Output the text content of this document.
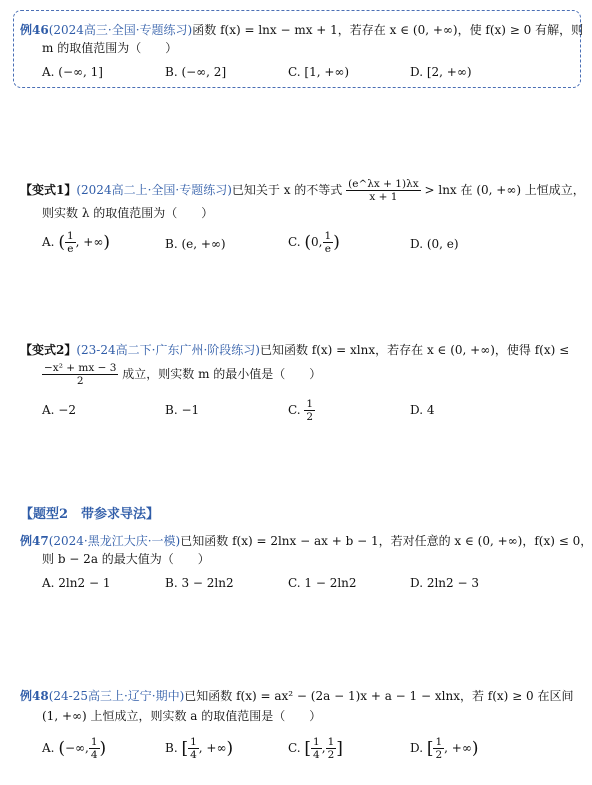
例46(2024高三·全国·专题练习)函数 f(x) = lnx − mx + 1，若存在 x ∈ (0, +∞)，使 f(x) ≥ 0 有解，则
m 的取值范围为（　　）
A. (−∞, 1]	B. (−∞, 2]	C. [1, +∞)	D. [2, +∞)
【变式1】(2024高二上·全国·专题练习)已知关于 x 的不等式 $\frac{(e\^{}\lambda x + 1)\lambda x}{x + 1} > \ln x$ 在 (0, +∞) 上恒成立，
则实数 λ 的取值范围为（　　）
A. ( $\frac{1}{e}$ , +∞)	B. (e, +∞)	C. (0, $\frac{1}{e}$ )	D. (0, e)
【变式2】(23-24高二下·广东广州·阶段练习)已知函数 f(x) = xlnx，若存在 x ∈ (0, +∞)，使得 f(x) ≤
$\frac{\text{−x² + mx − 3}}{2}$ 成立，则实数 m 的最小值是（　　）
A. −2	B. −1	C. $\frac{1}{2}$	D. 4
【题型2　带参求导法】
例47(2024·黑龙江大庆·一模)已知函数 f(x) = 2lnx − ax + b − 1，若对任意的 x ∈ (0, +∞)，f(x) ≤ 0，
则 b − 2a 的最大值为（　　）
A. 2ln2 − 1	B. 3 − 2ln2	C. 1 − 2ln2	D. 2ln2 − 3
例48(24-25高三上·辽宁·期中)已知函数 f(x) = ax² − (2a − 1)x + a − 1 − xlnx，若 f(x) ≥ 0 在区间
(1, +∞) 上恒成立，则实数 a 的取值范围是（　　）
A. (−∞, $\frac{1}{4}$ )	B. [ $\frac{1}{4}$ , +∞)	C. [ $\frac{1}{4}$ , $\frac{1}{2}$ ]	D. [ $\frac{1}{2}$ , +∞)
